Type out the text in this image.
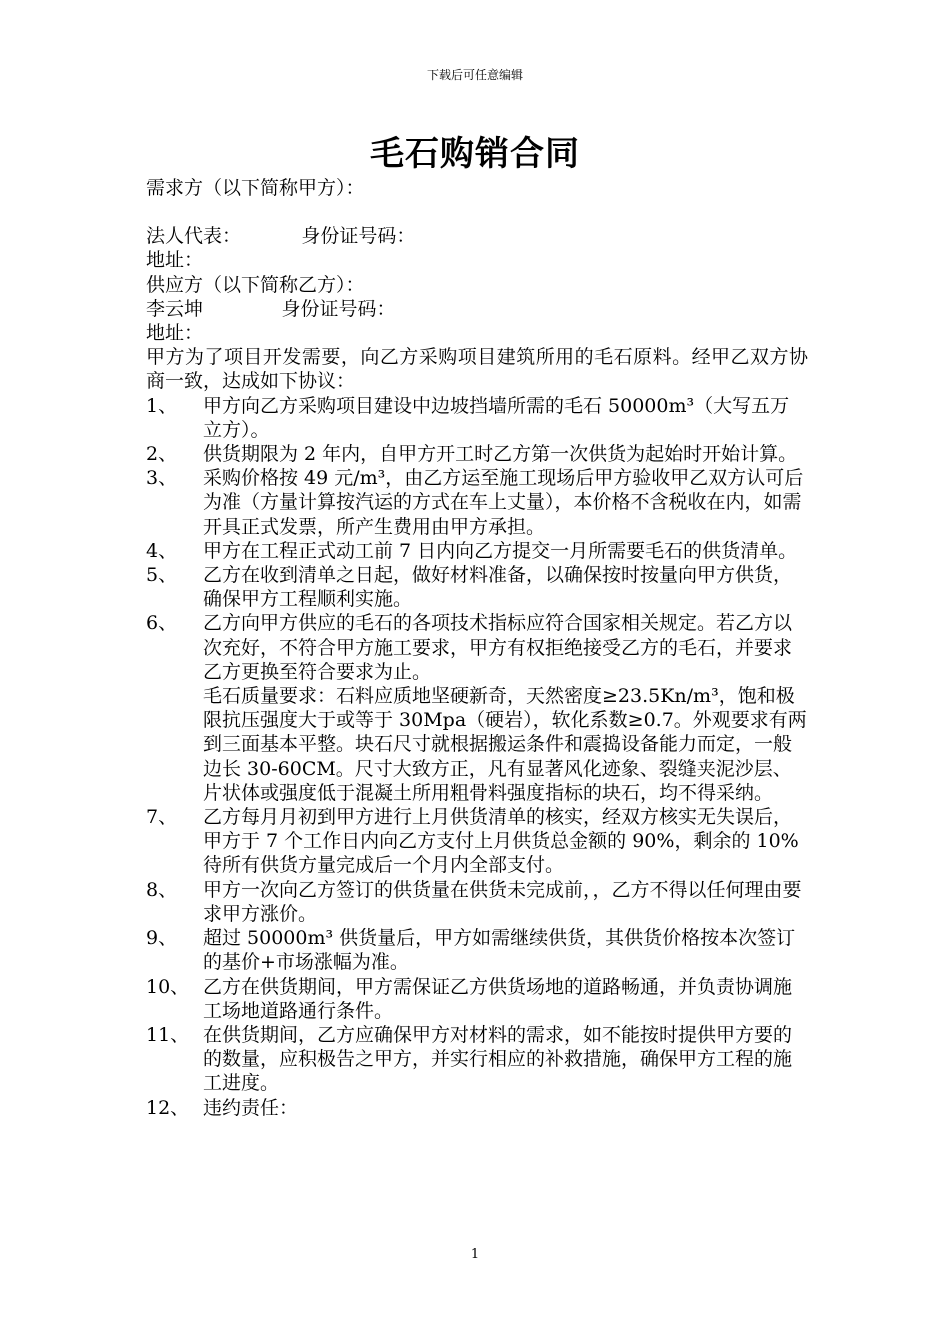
下载后可任意编辑
毛石购销合同
需求方（以下简称甲方）：
法人代表：          身份证号码：
地址：
供应方（以下简称乙方）：
李云坤             身份证号码：
地址：
甲方为了项目开发需要，向乙方采购项目建筑所用的毛石原料。经甲乙双方协商一致，达成如下协议：
1、	甲方向乙方采购项目建设中边坡挡墙所需的毛石 50000m³（大写五万立方）。
2、	供货期限为 2 年内，自甲方开工时乙方第一次供货为起始时开始计算。
3、	采购价格按 49 元/m³，由乙方运至施工现场后甲方验收甲乙双方认可后为准（方量计算按汽运的方式在车上丈量），本价格不含税收在内，如需开具正式发票，所产生费用由甲方承担。
4、	甲方在工程正式动工前 7 日内向乙方提交一月所需要毛石的供货清单。
5、	乙方在收到清单之日起，做好材料准备，以确保按时按量向甲方供货，确保甲方工程顺利实施。
6、	乙方向甲方供应的毛石的各项技术指标应符合国家相关规定。若乙方以次充好，不符合甲方施工要求，甲方有权拒绝接受乙方的毛石，并要求乙方更换至符合要求为止。
毛石质量要求：石料应质地坚硬新奇，天然密度≥23.5Kn/m³，饱和极限抗压强度大于或等于 30Mpa（硬岩），软化系数≥0.7。外观要求有两到三面基本平整。块石尺寸就根据搬运条件和震捣设备能力而定，一般边长 30-60CM。尺寸大致方正，凡有显著风化迹象、裂缝夹泥沙层、片状体或强度低于混凝土所用粗骨料强度指标的块石，均不得采纳。
7、	乙方每月月初到甲方进行上月供货清单的核实，经双方核实无失误后，甲方于 7 个工作日内向乙方支付上月供货总金额的 90%，剩余的 10%待所有供货方量完成后一个月内全部支付。
8、	甲方一次向乙方签订的供货量在供货未完成前，，乙方不得以任何理由要求甲方涨价。
9、	超过 50000m³ 供货量后，甲方如需继续供货，其供货价格按本次签订的基价+市场涨幅为准。
10、 乙方在供货期间，甲方需保证乙方供货场地的道路畅通，并负责协调施工场地道路通行条件。
11、 在供货期间，乙方应确保甲方对材料的需求，如不能按时提供甲方要的的数量，应积极告之甲方，并实行相应的补救措施，确保甲方工程的施工进度。
12、 违约责任：
1
